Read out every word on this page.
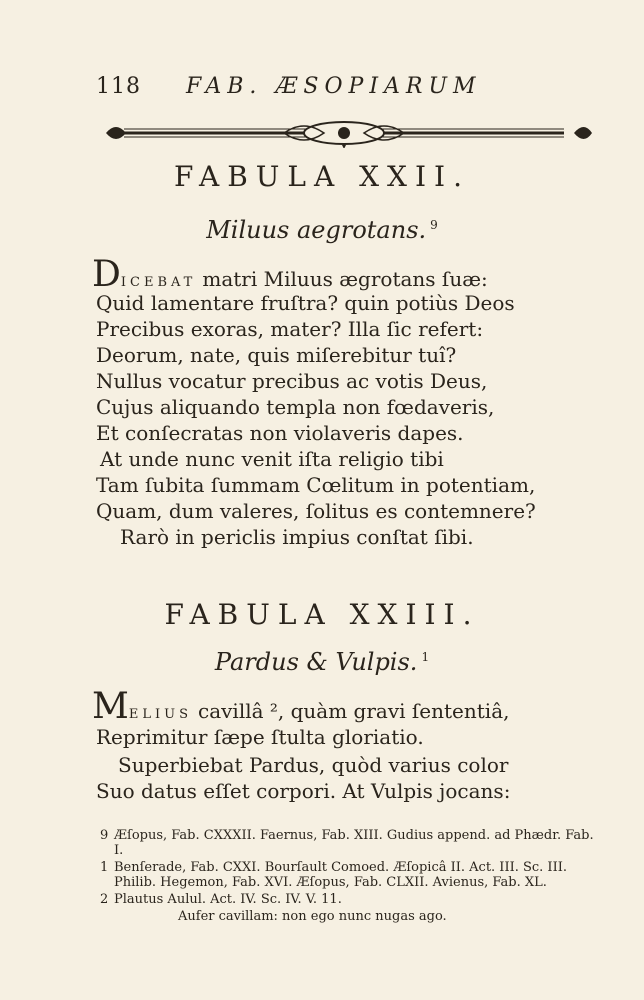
118 FAB. ÆSOPIARUM
FABULA XXII.
Miluus aegrotans. $^9$
DICEBAT matri Miluus ægrotans ſuæ:
Quid lamentare fruſtra? quin potiùs Deos
Precibus exoras, mater? Illa ſic refert:
Deorum, nate, quis miſerebitur tuî?
Nullus vocatur precibus ac votis Deus,
Cujus aliquando templa non fœdaveris,
Et conſecratas non violaveris dapes.
At unde nunc venit iſta religio tibi
Tam ſubita ſummam Cœlitum in potentiam,
Quam, dum valeres, ſolitus es contemnere?
Rarò in periclis impius conſtat ſibi.
FABULA XXIII.
Pardus & Vulpis. $^1$
MELIUS cavillâ ², quàm gravi ſententiâ,
Reprimitur ſæpe ſtulta gloriatio.
Superbiebat Pardus, quòd varius color
Suo datus eſſet corpori. At Vulpis jocans:
9 Æſopus, Fab. CXXXII. Faernus, Fab. XIII. Gudius append. ad Phædr. Fab. I.
1 Benſerade, Fab. CXXI. Bourſault Comoed. Æſopicâ II. Act. III. Sc. III. Philib. Hegemon, Fab. XVI. Æſopus, Fab. CLXII. Avienus, Fab. XL.
2 Plautus Aulul. Act. IV. Sc. IV. V. 11.
Aufer cavillam: non ego nunc nugas ago.
